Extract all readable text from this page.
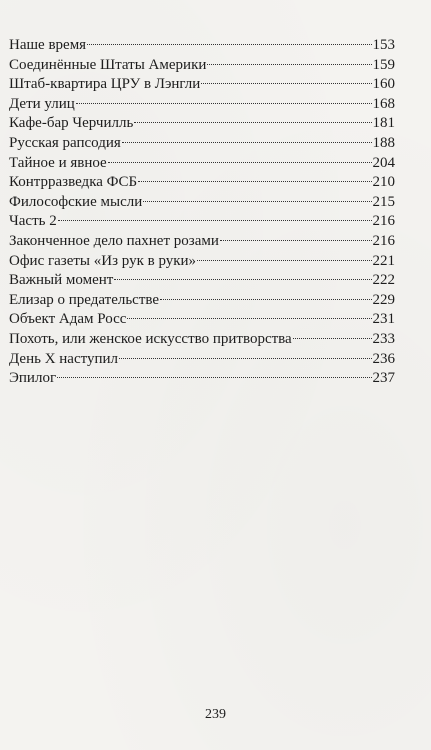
Наше время	153
Соединённые Штаты Америки	159
Штаб-квартира ЦРУ в Лэнгли	160
Дети улиц	168
Кафе-бар Черчилль	181
Русская рапсодия	188
Тайное и явное	204
Контрразведка ФСБ	210
Философские мысли	215
Часть 2	216
Законченное дело пахнет розами	216
Офис газеты «Из рук в руки»	221
Важный момент	222
Елизар о предательстве	229
Объект Адам Росс	231
Похоть, или женское искусство притворства	233
День Х наступил	236
Эпилог	237
239
